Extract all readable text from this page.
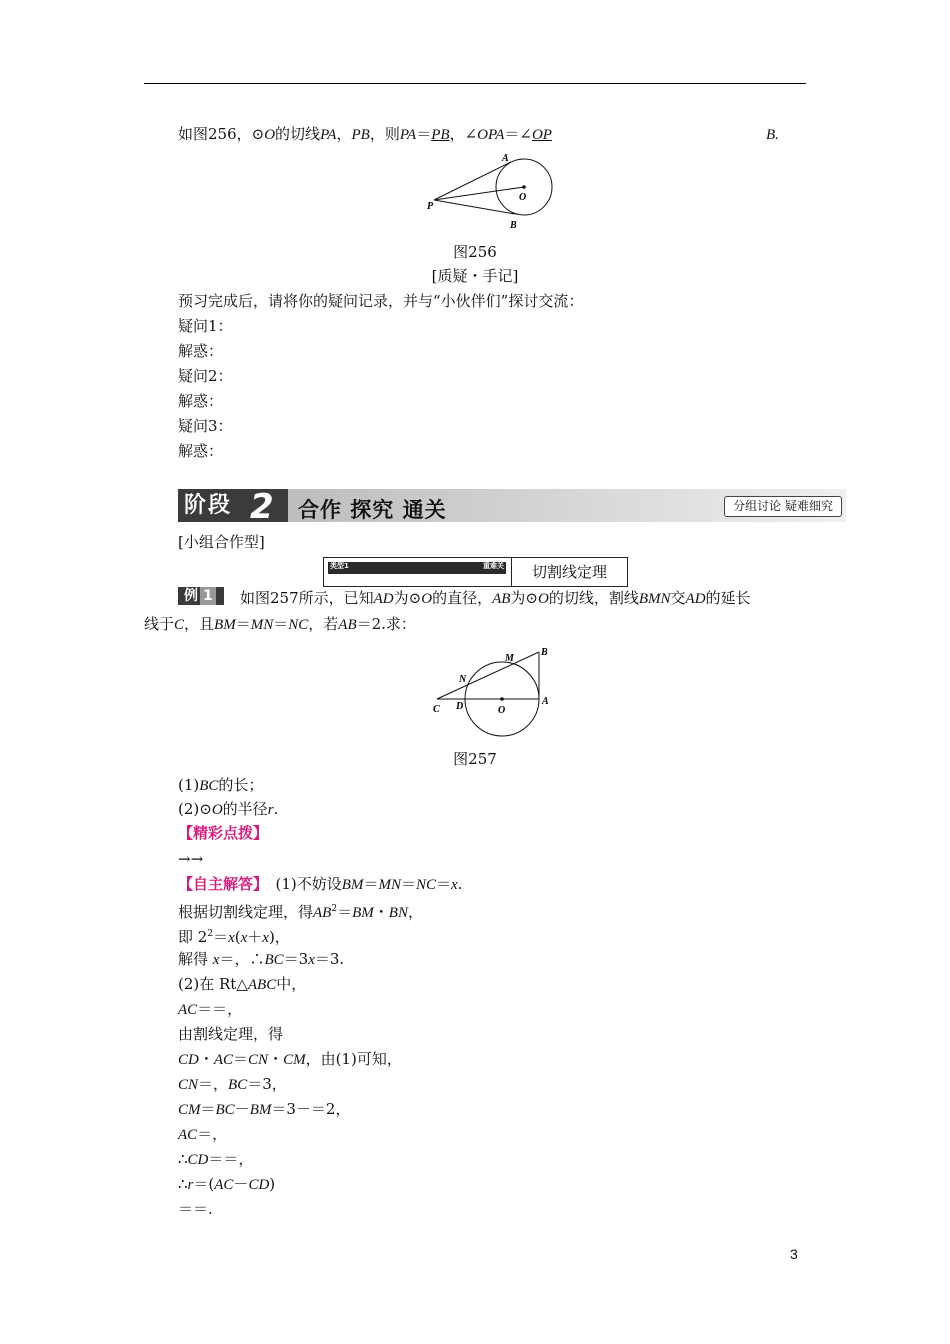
如图256，⊙O的切线PA，PB，则PA＝PB，∠OPA＝∠OP	B.
A
O
P
B
图256
[质疑・手记]
预习完成后，请将你的疑问记录，并与“小伙伴们”探讨交流：
疑问1：
解惑：
疑问2：
解惑：
疑问3：
解惑：
阶段 2 合作 探究 通关	分组讨论 疑难细究
[小组合作型]
类型1	重难关	切割线定理
例 1	如图257所示，已知AD为⊙O的直径，AB为⊙O的切线，割线BMN交AD的延长
线于C，且BM＝MN＝NC，若AB＝2.求：
M
B
N
C D	O
A
图257
(1)BC的长；
(2)⊙O的半径r.
【精彩点拨】
→→
【自主解答】　(1)不妨设BM＝MN＝NC＝x.
根据切割线定理，得$AB^2=BM$・BN，
即 $2^2=x(x+x)$，
解得 x＝，∴BC＝3x＝3.
(2)在 Rt△ABC中，
AC＝＝，
由割线定理，得
CD・AC＝CN・CM，由(1)可知，
CN＝，BC＝3，
CM＝BC－BM＝3－＝2，
AC＝，
∴CD＝＝，
∴r＝(AC－CD)
＝＝.
3
